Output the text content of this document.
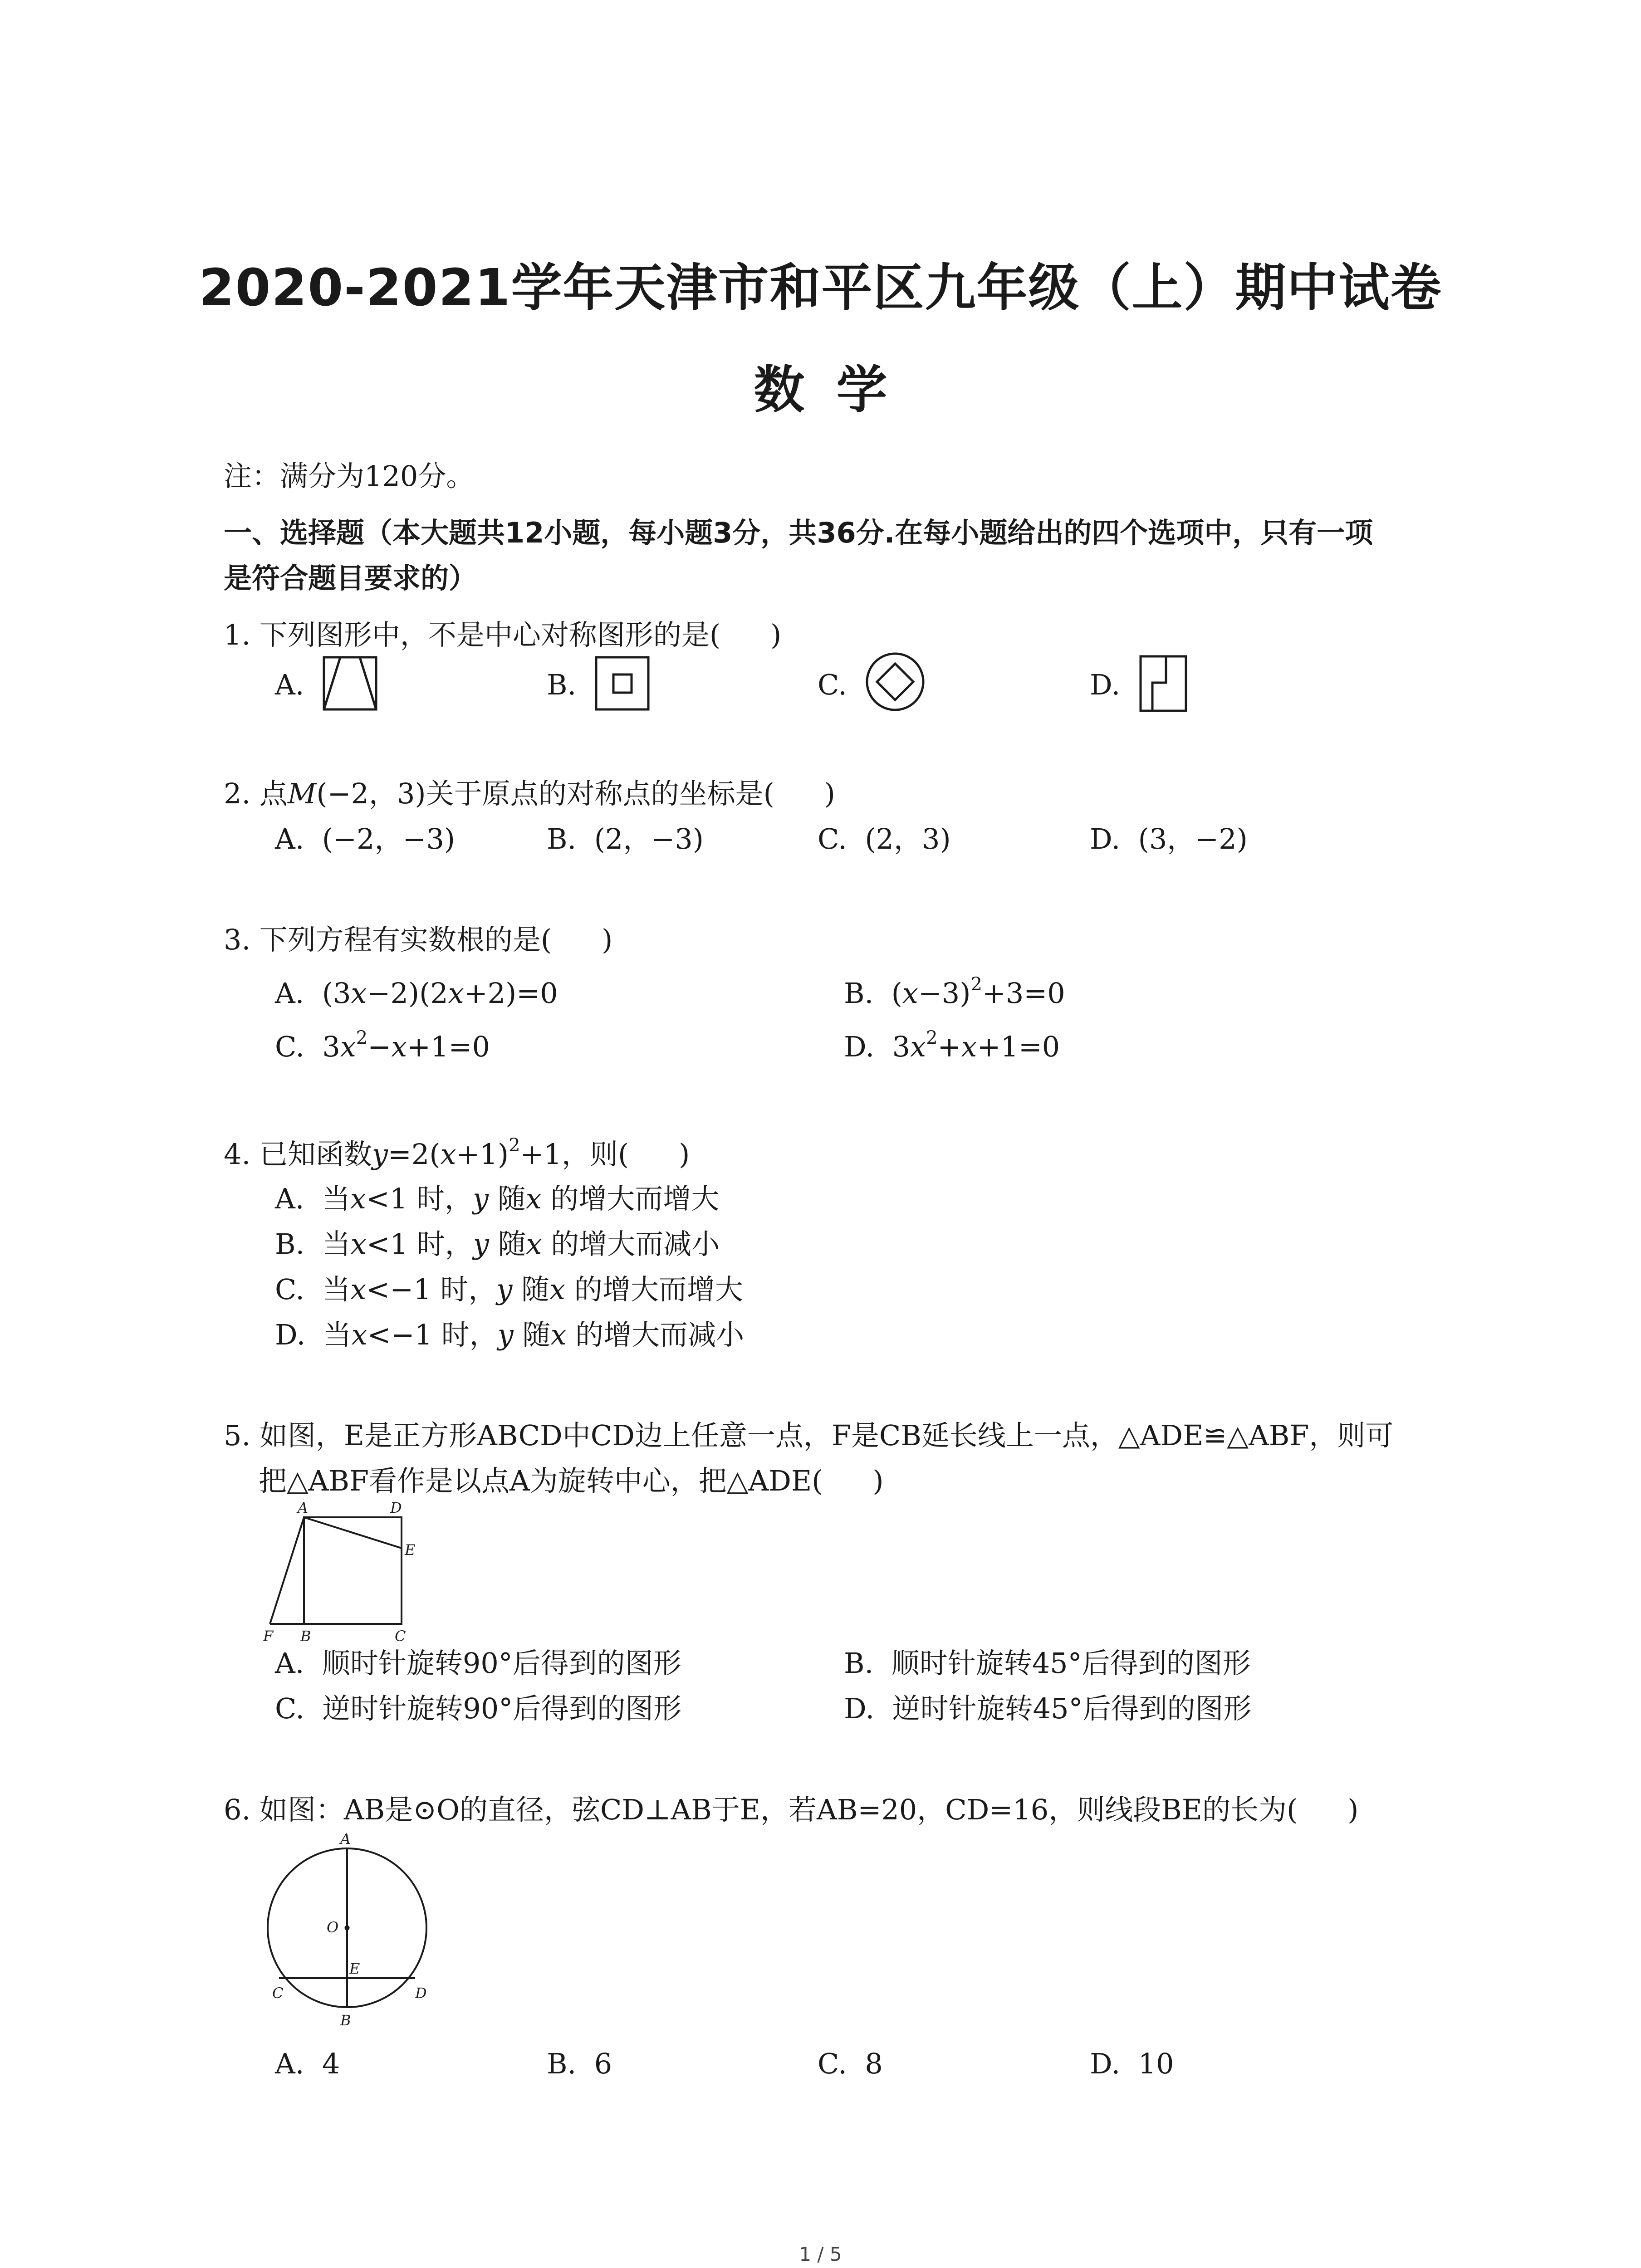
2020-2021学年天津市和平区九年级（上）期中试卷
数学
注：满分为120分。
一、选择题（本大题共12小题，每小题3分，共36分.在每小题给出的四个选项中，只有一项
是符合题目要求的）
1. 下列图形中，不是中心对称图形的是( )
A.	B.	C.	D.
2. 点M(−2，3)关于原点的对称点的坐标是( )
A. (−2，−3)	B. (2，−3)	C. (2，3)	D. (3，−2)
3. 下列方程有实数根的是( )
A.  (3x−2)(2x+2)=0	B.  $(x-3)^2+3=0$
C.  $3x^2-x+1=0$	D.  $3x^2+x+1=0$
4. 已知函数$y=2(x+1)^2+1$，则( )
A. 当x<1 时，y 随x 的增大而增大
B. 当x<1 时，y 随x 的增大而减小
C. 当x<−1 时，y 随x 的增大而增大
D. 当x<−1 时，y 随x 的增大而减小
5. 如图，E是正方形ABCD中CD边上任意一点，F是CB延长线上一点，△ADE≌△ABF，则可
把△ABF看作是以点A为旋转中心，把△ADE( )
A	D
E
F B	C
A. 顺时针旋转90°后得到的图形	B. 顺时针旋转45°后得到的图形
C. 逆时针旋转90°后得到的图形	D. 逆时针旋转45°后得到的图形
6. 如图：AB是⊙O的直径，弦CD⊥AB于E，若AB=20，CD=16，则线段BE的长为( )
A
O
E
C
B
D
A. 4	B. 6	C. 8	D. 10
1 / 5
